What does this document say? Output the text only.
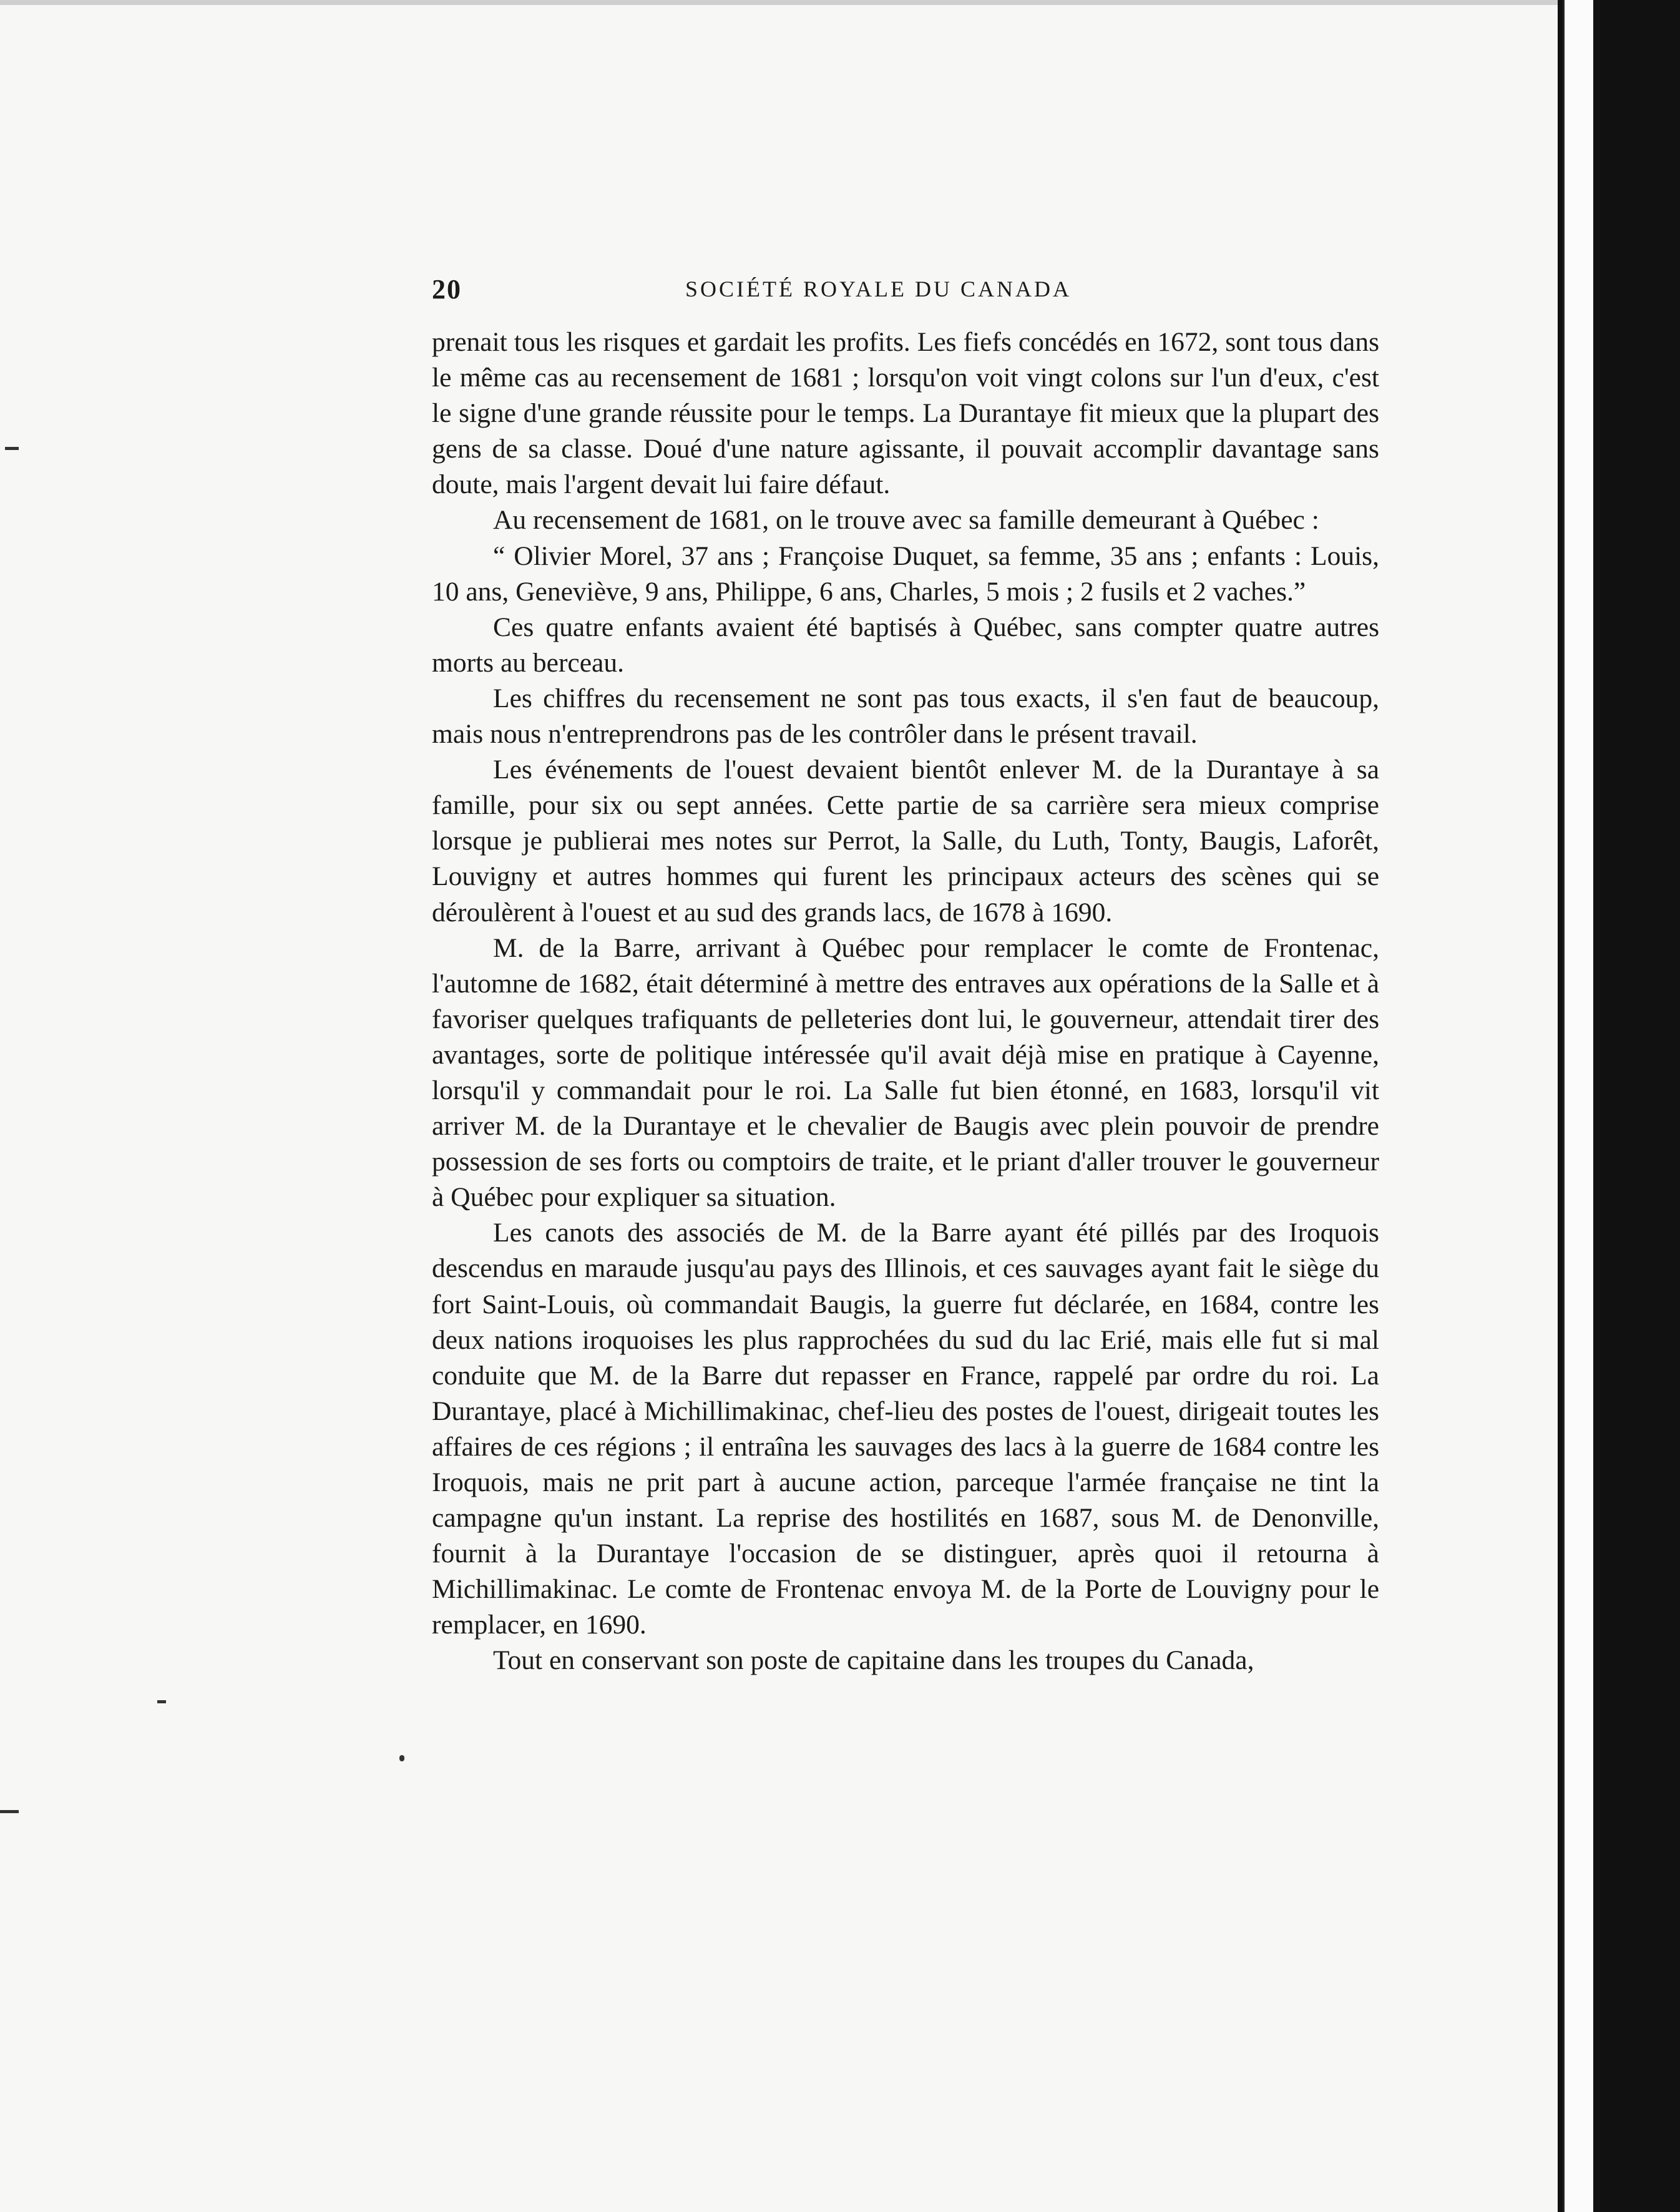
20	SOCIÉTÉ ROYALE DU CANADA

prenait tous les risques et gardait les profits. Les fiefs concédés en 1672, sont tous dans le même cas au recensement de 1681 ; lorsqu'on voit vingt colons sur l'un d'eux, c'est le signe d'une grande réussite pour le temps. La Durantaye fit mieux que la plupart des gens de sa classe. Doué d'une nature agissante, il pouvait accomplir davantage sans doute, mais l'argent devait lui faire défaut.

Au recensement de 1681, on le trouve avec sa famille demeurant à Québec :

“ Olivier Morel, 37 ans ; Françoise Duquet, sa femme, 35 ans ; enfants : Louis, 10 ans, Geneviève, 9 ans, Philippe, 6 ans, Charles, 5 mois ; 2 fusils et 2 vaches.”

Ces quatre enfants avaient été baptisés à Québec, sans compter quatre autres morts au berceau.

Les chiffres du recensement ne sont pas tous exacts, il s'en faut de beaucoup, mais nous n'entreprendrons pas de les contrôler dans le présent travail.

Les événements de l'ouest devaient bientôt enlever M. de la Durantaye à sa famille, pour six ou sept années. Cette partie de sa carrière sera mieux comprise lorsque je publierai mes notes sur Perrot, la Salle, du Luth, Tonty, Baugis, Laforêt, Louvigny et autres hommes qui furent les principaux acteurs des scènes qui se déroulèrent à l'ouest et au sud des grands lacs, de 1678 à 1690.

M. de la Barre, arrivant à Québec pour remplacer le comte de Frontenac, l'automne de 1682, était déterminé à mettre des entraves aux opérations de la Salle et à favoriser quelques trafiquants de pelleteries dont lui, le gouverneur, attendait tirer des avantages, sorte de politique intéressée qu'il avait déjà mise en pratique à Cayenne, lorsqu'il y commandait pour le roi. La Salle fut bien étonné, en 1683, lorsqu'il vit arriver M. de la Durantaye et le chevalier de Baugis avec plein pouvoir de prendre possession de ses forts ou comptoirs de traite, et le priant d'aller trouver le gouverneur à Québec pour expliquer sa situation.

Les canots des associés de M. de la Barre ayant été pillés par des Iroquois descendus en maraude jusqu'au pays des Illinois, et ces sauvages ayant fait le siège du fort Saint-Louis, où commandait Baugis, la guerre fut déclarée, en 1684, contre les deux nations iroquoises les plus rapprochées du sud du lac Erié, mais elle fut si mal conduite que M. de la Barre dut repasser en France, rappelé par ordre du roi. La Durantaye, placé à Michillimakinac, chef-lieu des postes de l'ouest, dirigeait toutes les affaires de ces régions ; il entraîna les sauvages des lacs à la guerre de 1684 contre les Iroquois, mais ne prit part à aucune action, parceque l'armée française ne tint la campagne qu'un instant. La reprise des hostilités en 1687, sous M. de Denonville, fournit à la Durantaye l'occasion de se distinguer, après quoi il retourna à Michillimakinac. Le comte de Frontenac envoya M. de la Porte de Louvigny pour le remplacer, en 1690.

Tout en conservant son poste de capitaine dans les troupes du Canada,
